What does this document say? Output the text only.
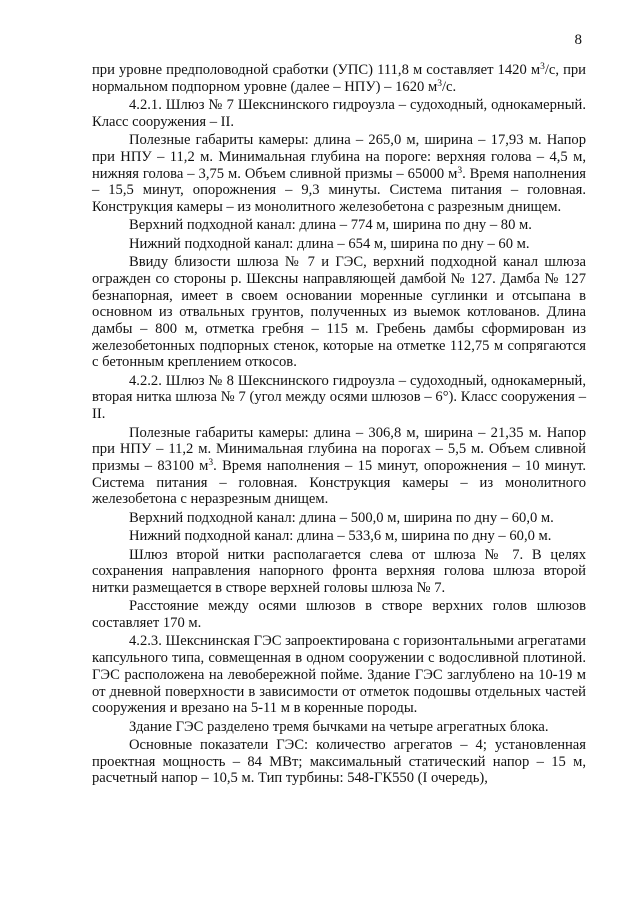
8

при уровне предполоводной сработки (УПС) 111,8 м составляет 1420 $м^3/с$, при нормальном подпорном уровне (далее – НПУ) – 1620 $м^3/с$.

4.2.1. Шлюз № 7 Шекснинского гидроузла – судоходный, однокамерный. Класс сооружения – II.

Полезные габариты камеры: длина – 265,0 м, ширина – 17,93 м. Напор при НПУ – 11,2 м. Минимальная глубина на пороге: верхняя голова – 4,5 м, нижняя голова – 3,75 м. Объем сливной призмы – 65000 $м^3$. Время наполнения – 15,5 минут, опорожнения – 9,3 минуты. Система питания – головная. Конструкция камеры – из монолитного железобетона с разрезным днищем.

Верхний подходной канал: длина – 774 м, ширина по дну – 80 м.

Нижний подходной канал: длина – 654 м, ширина по дну – 60 м.

Ввиду близости шлюза № 7 и ГЭС, верхний подходной канал шлюза огражден со стороны р. Шексны направляющей дамбой № 127. Дамба № 127 безнапорная, имеет в своем основании моренные суглинки и отсыпана в основном из отвальных грунтов, полученных из выемок котлованов. Длина дамбы – 800 м, отметка гребня – 115 м. Гребень дамбы сформирован из железобетонных подпорных стенок, которые на отметке 112,75 м сопрягаются с бетонным креплением откосов.

4.2.2. Шлюз № 8 Шекснинского гидроузла – судоходный, однокамерный, вторая нитка шлюза № 7 (угол между осями шлюзов – 6°). Класс сооружения – II.

Полезные габариты камеры: длина – 306,8 м, ширина – 21,35 м. Напор при НПУ – 11,2 м. Минимальная глубина на порогах – 5,5 м. Объем сливной призмы – 83100 $м^3$. Время наполнения – 15 минут, опорожнения – 10 минут. Система питания – головная. Конструкция камеры – из монолитного железобетона с неразрезным днищем.

Верхний подходной канал: длина – 500,0 м, ширина по дну – 60,0 м.

Нижний подходной канал: длина – 533,6 м, ширина по дну – 60,0 м.

Шлюз второй нитки располагается слева от шлюза № 7. В целях сохранения направления напорного фронта верхняя голова шлюза второй нитки размещается в створе верхней головы шлюза № 7.

Расстояние между осями шлюзов в створе верхних голов шлюзов составляет 170 м.

4.2.3. Шекснинская ГЭС запроектирована с горизонтальными агрегатами капсульного типа, совмещенная в одном сооружении с водосливной плотиной. ГЭС расположена на левобережной пойме. Здание ГЭС заглублено на 10-19 м от дневной поверхности в зависимости от отметок подошвы отдельных частей сооружения и врезано на 5-11 м в коренные породы.

Здание ГЭС разделено тремя бычками на четыре агрегатных блока.

Основные показатели ГЭС: количество агрегатов – 4; установленная проектная мощность – 84 МВт; максимальный статический напор – 15 м, расчетный напор – 10,5 м. Тип турбины: 548-ГК550 (I очередь),
